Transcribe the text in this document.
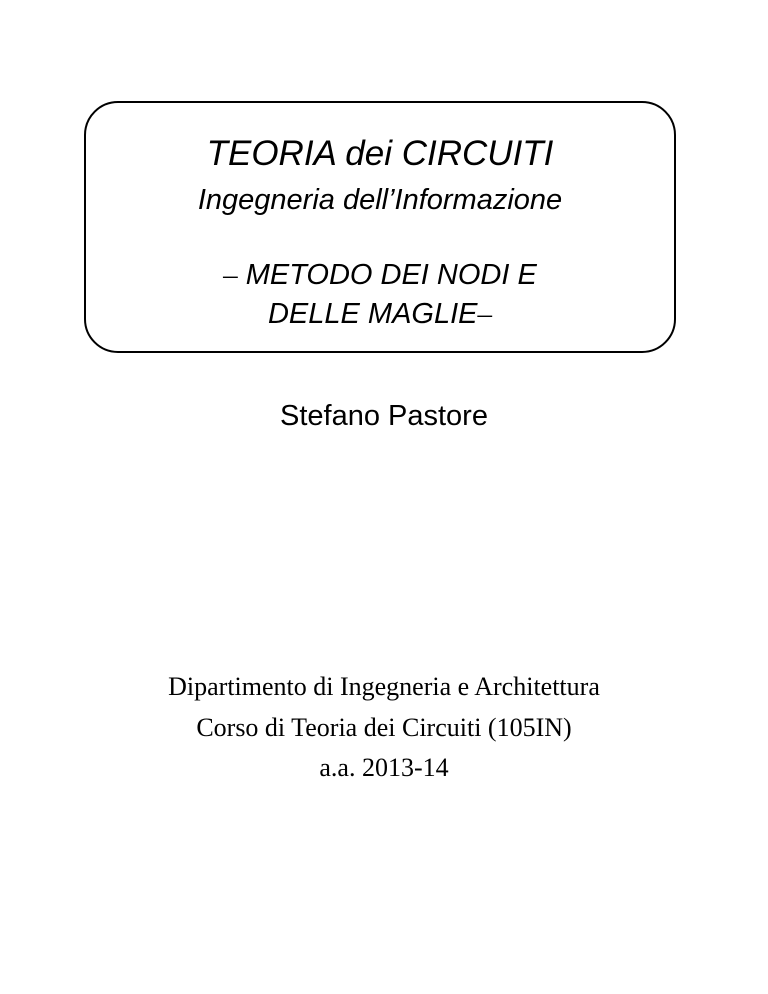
TEORIA dei CIRCUITI
Ingegneria dell’Informazione
– METODO DEI NODI E
DELLE MAGLIE–
Stefano Pastore
Dipartimento di Ingegneria e Architettura
Corso di Teoria dei Circuiti (105IN)
a.a. 2013-14
